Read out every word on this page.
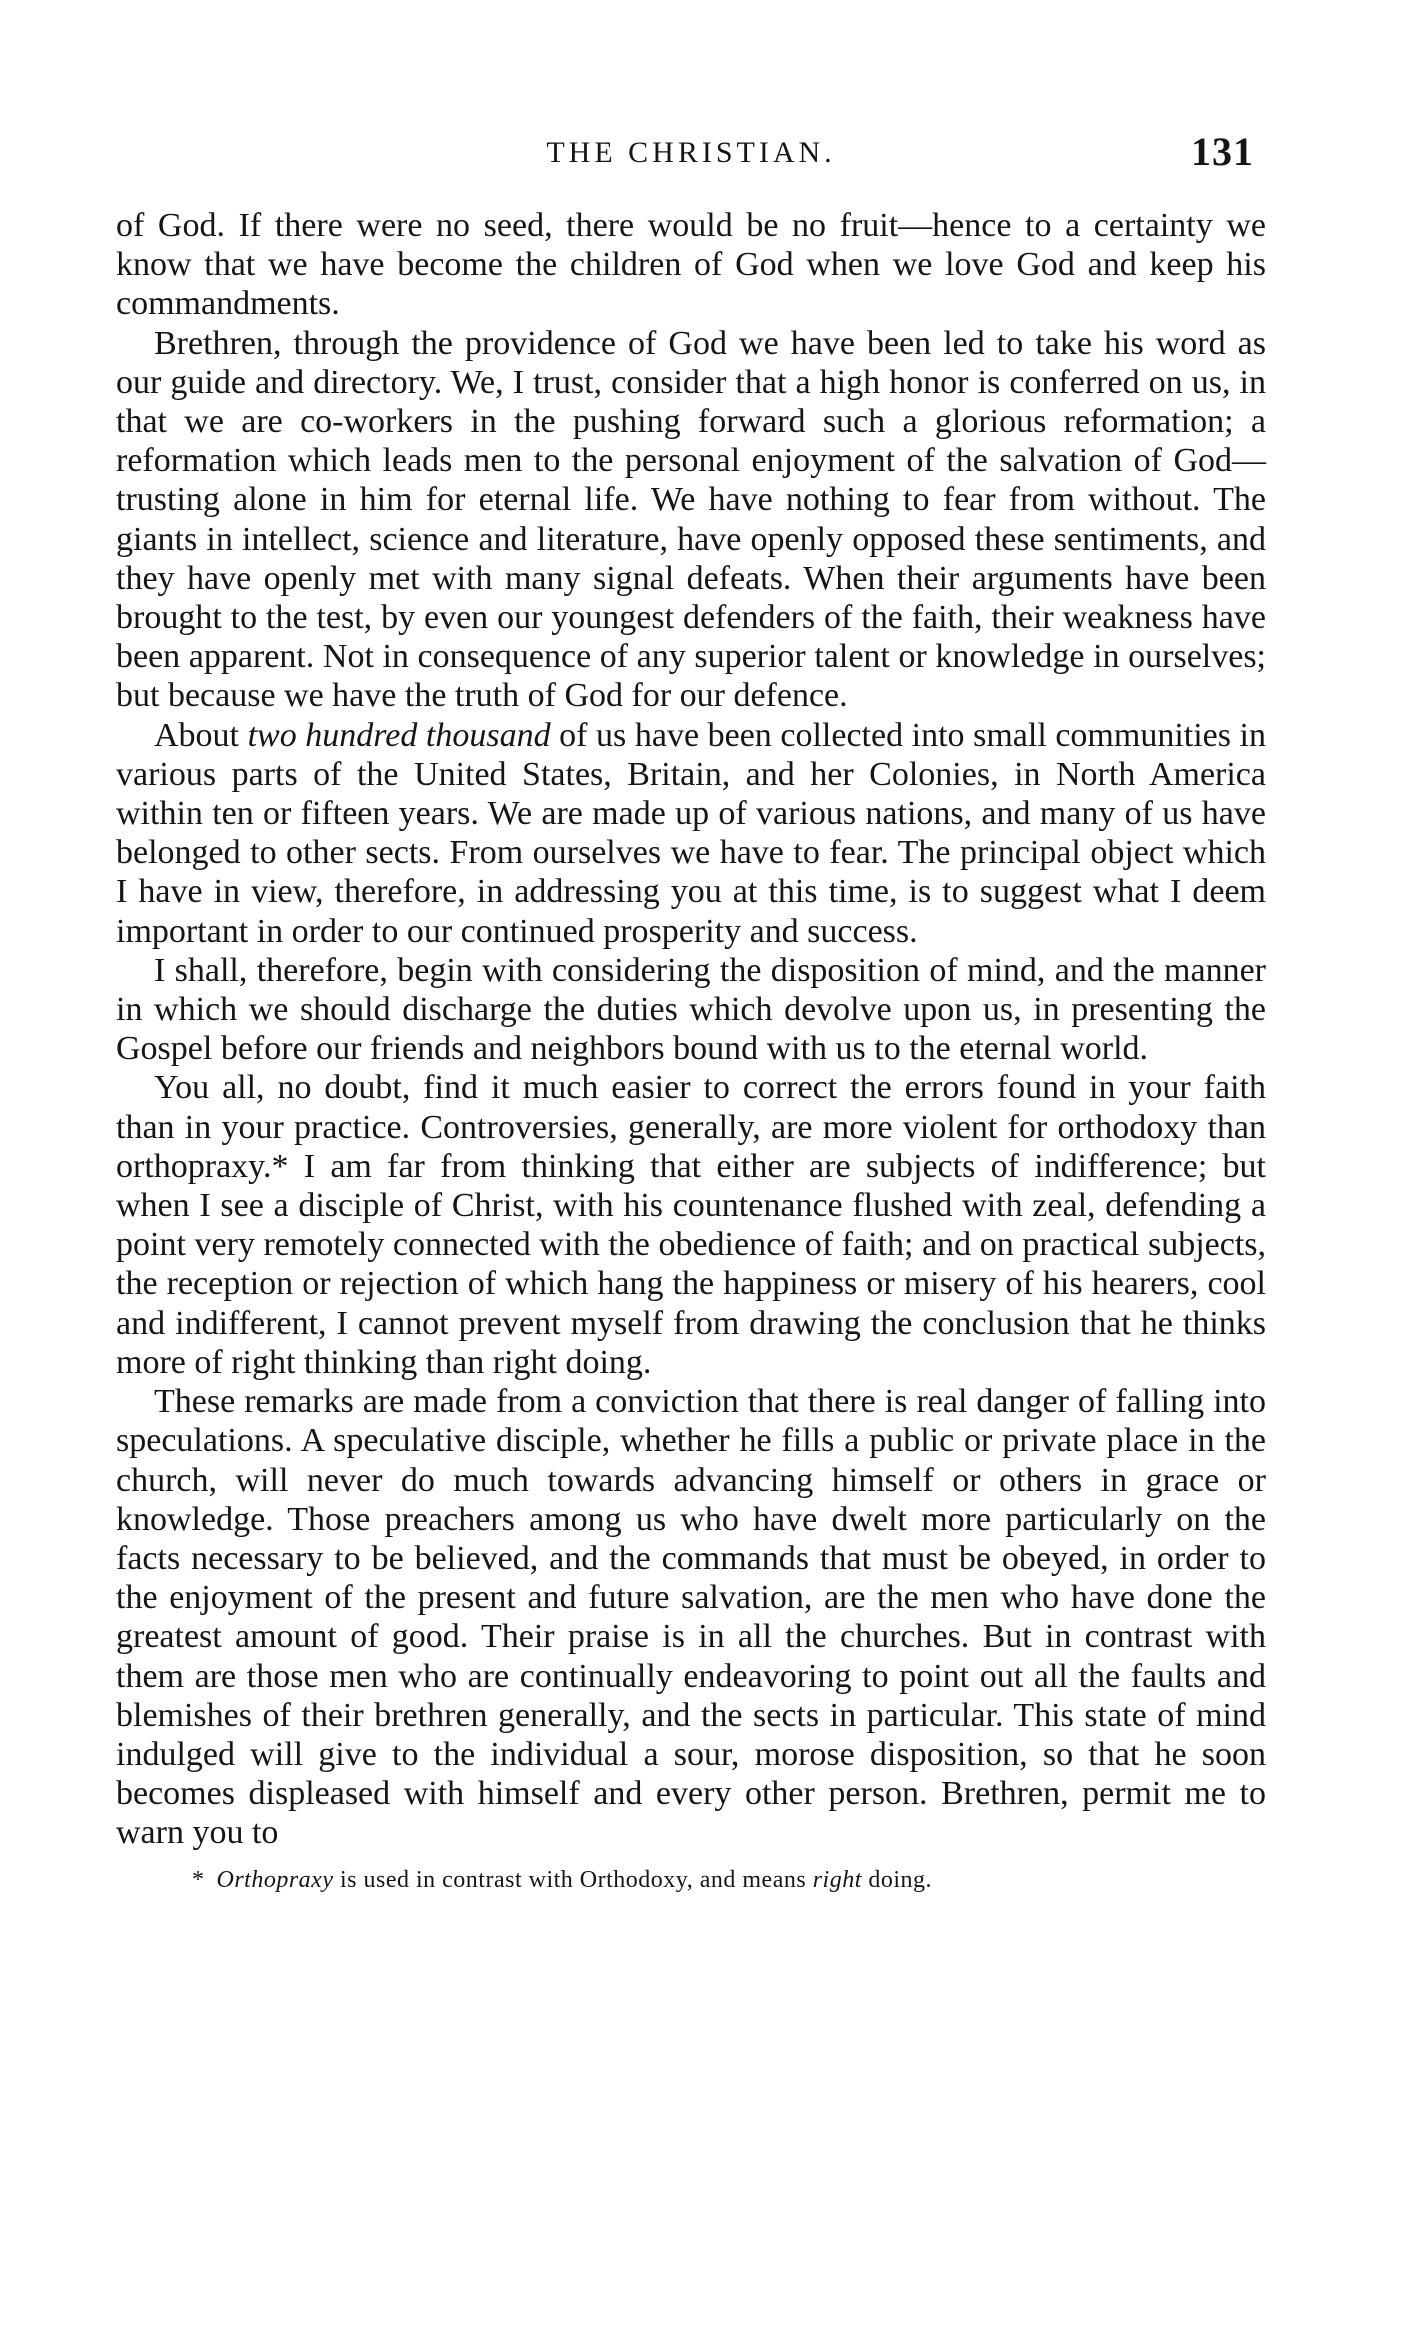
THE CHRISTIAN.	131

of God. If there were no seed, there would be no fruit—hence to a certainty we know that we have become the children of God when we love God and keep his commandments.

Brethren, through the providence of God we have been led to take his word as our guide and directory. We, I trust, consider that a high honor is conferred on us, in that we are co-workers in the pushing forward such a glorious reformation; a reformation which leads men to the personal enjoyment of the salvation of God—trusting alone in him for eternal life. We have nothing to fear from without. The giants in intellect, science and literature, have openly opposed these sentiments, and they have openly met with many signal defeats. When their arguments have been brought to the test, by even our youngest defenders of the faith, their weakness have been apparent. Not in consequence of any superior talent or knowledge in ourselves; but because we have the truth of God for our defence.

About two hundred thousand of us have been collected into small communities in various parts of the United States, Britain, and her Colonies, in North America within ten or fifteen years. We are made up of various nations, and many of us have belonged to other sects. From ourselves we have to fear. The principal object which I have in view, therefore, in addressing you at this time, is to suggest what I deem important in order to our continued prosperity and success.

I shall, therefore, begin with considering the disposition of mind, and the manner in which we should discharge the duties which devolve upon us, in presenting the Gospel before our friends and neighbors bound with us to the eternal world.

You all, no doubt, find it much easier to correct the errors found in your faith than in your practice. Controversies, generally, are more violent for orthodoxy than orthopraxy.* I am far from thinking that either are subjects of indifference; but when I see a disciple of Christ, with his countenance flushed with zeal, defending a point very remotely connected with the obedience of faith; and on practical subjects, the reception or rejection of which hang the happiness or misery of his hearers, cool and indifferent, I cannot prevent myself from drawing the conclusion that he thinks more of right thinking than right doing.

These remarks are made from a conviction that there is real danger of falling into speculations. A speculative disciple, whether he fills a public or private place in the church, will never do much towards advancing himself or others in grace or knowledge. Those preachers among us who have dwelt more particularly on the facts necessary to be believed, and the commands that must be obeyed, in order to the enjoyment of the present and future salvation, are the men who have done the greatest amount of good. Their praise is in all the churches. But in contrast with them are those men who are continually endeavoring to point out all the faults and blemishes of their brethren generally, and the sects in particular. This state of mind indulged will give to the individual a sour, morose disposition, so that he soon becomes displeased with himself and every other person. Brethren, permit me to warn you to

* Orthopraxy is used in contrast with Orthodoxy, and means right doing.
